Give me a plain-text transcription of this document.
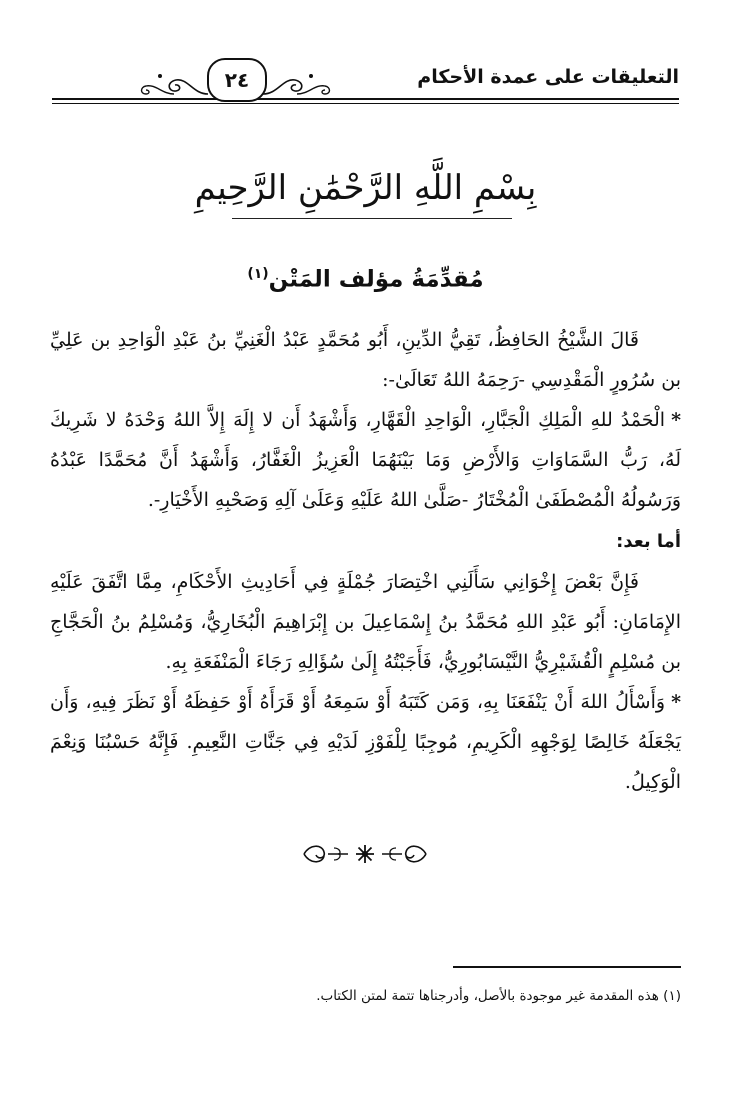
التعليقات على عمدة الأحكام
٢٤
بِسْمِ اللَّهِ الرَّحْمَٰنِ الرَّحِيمِ
مُقدِّمَةُ مؤلف المَتْن$^{(١)}$

قَالَ الشَّيْخُ الحَافِظُ، تَقِيُّ الدِّينِ، أَبُو مُحَمَّدٍ عَبْدُ الْغَنِيِّ بنُ عَبْدِ الْوَاحِدِ بن عَلِيِّ بن سُرُورٍ الْمَقْدِسِي -رَحِمَهُ اللهُ تَعَالَىٰ-:

*الْحَمْدُ للهِ الْمَلِكِ الْجَبَّارِ، الْوَاحِدِ الْقَهَّارِ، وَأَشْهَدُ أَن لا إِلَهَ إِلاَّ اللهُ وَحْدَهُ لا شَرِيكَ لَهُ، رَبُّ السَّمَاوَاتِ وَالأَرْضِ وَمَا بَيْنَهُمَا الْعَزِيزُ الْغَفَّارُ، وَأَشْهَدُ أَنَّ مُحَمَّدًا عَبْدُهُ وَرَسُولُهُ الْمُصْطَفَىٰ الْمُخْتَارُ -صَلَّىٰ اللهُ عَلَيْهِ وَعَلَىٰ آلِهِ وَصَحْبِهِ الأَخْيَارِ-.

أما بعد:

فَإِنَّ بَعْضَ إِخْوَانِي سَأَلَنِي اخْتِصَارَ جُمْلَةٍ فِي أَحَادِيثِ الأَحْكَامِ، مِمَّا اتَّفَقَ عَلَيْهِ الإِمَامَانِ: أَبُو عَبْدِ اللهِ مُحَمَّدُ بنُ إِسْمَاعِيلَ بن إِبْرَاهِيمَ الْبُخَارِيُّ، وَمُسْلِمُ بنُ الْحَجَّاجِ بن مُسْلِمٍ الْقُشَيْرِيُّ النَّيْسَابُورِيُّ، فَأَجَبْتُهُ إِلَىٰ سُؤَالِهِ رَجَاءَ الْمَنْفَعَةِ بِهِ.

*وَأَسْأَلُ اللهَ أَنْ يَنْفَعَنَا بِهِ، وَمَن كَتَبَهُ أَوْ سَمِعَهُ أَوْ قَرَأَهُ أَوْ حَفِظَهُ أَوْ نَظَرَ فِيهِ، وَأَن يَجْعَلَهُ خَالِصًا لِوَجْهِهِ الْكَرِيمِ، مُوجِبًا لِلْفَوْزِ لَدَيْهِ فِي جَنَّاتِ النَّعِيمِ. فَإِنَّهُ حَسْبُنَا وَنِعْمَ الْوَكِيلُ.

(١) هذه المقدمة غير موجودة بالأصل، وأدرجناها تتمة لمتن الكتاب.
